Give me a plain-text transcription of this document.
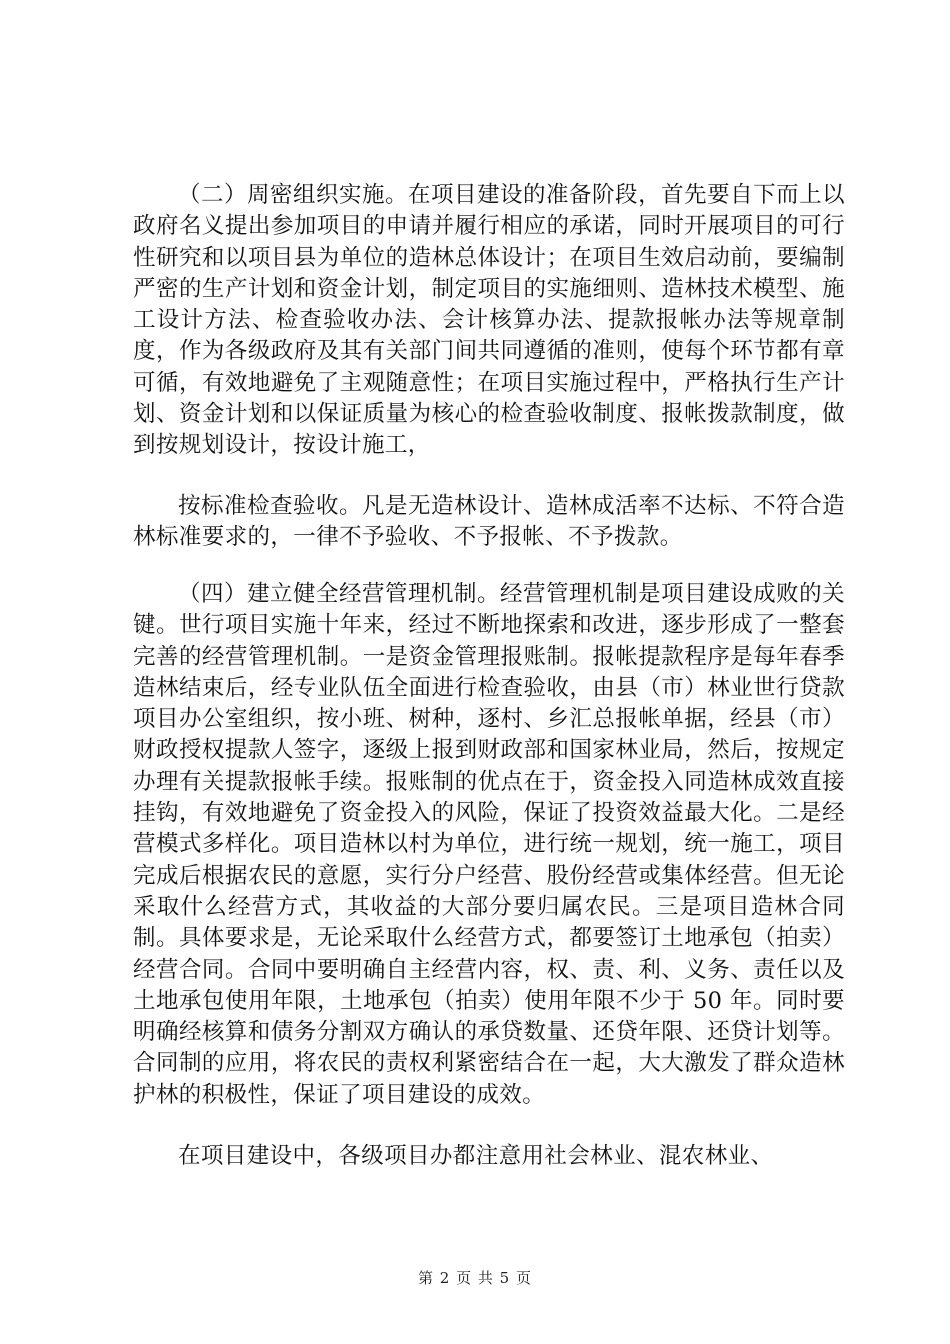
（二）周密组织实施。在项目建设的准备阶段，首先要自下而上以政府名义提出参加项目的申请并履行相应的承诺，同时开展项目的可行性研究和以项目县为单位的造林总体设计；在项目生效启动前，要编制严密的生产计划和资金计划，制定项目的实施细则、造林技术模型、施工设计方法、检查验收办法、会计核算办法、提款报帐办法等规章制度，作为各级政府及其有关部门间共同遵循的准则，使每个环节都有章可循，有效地避免了主观随意性；在项目实施过程中，严格执行生产计划、资金计划和以保证质量为核心的检查验收制度、报帐拨款制度，做到按规划设计，按设计施工，

按标准检查验收。凡是无造林设计、造林成活率不达标、不符合造林标准要求的，一律不予验收、不予报帐、不予拨款。

（四）建立健全经营管理机制。经营管理机制是项目建设成败的关键。世行项目实施十年来，经过不断地探索和改进，逐步形成了一整套完善的经营管理机制。一是资金管理报账制。报帐提款程序是每年春季造林结束后，经专业队伍全面进行检查验收，由县（市）林业世行贷款项目办公室组织，按小班、树种，逐村、乡汇总报帐单据，经县（市）财政授权提款人签字，逐级上报到财政部和国家林业局，然后，按规定办理有关提款报帐手续。报账制的优点在于，资金投入同造林成效直接挂钩，有效地避免了资金投入的风险，保证了投资效益最大化。二是经营模式多样化。项目造林以村为单位，进行统一规划，统一施工，项目完成后根据农民的意愿，实行分户经营、股份经营或集体经营。但无论采取什么经营方式，其收益的大部分要归属农民。三是项目造林合同制。具体要求是，无论采取什么经营方式，都要签订土地承包（拍卖）经营合同。合同中要明确自主经营内容，权、责、利、义务、责任以及土地承包使用年限，土地承包（拍卖）使用年限不少于 50 年。同时要明确经核算和债务分割双方确认的承贷数量、还贷年限、还贷计划等。合同制的应用，将农民的责权利紧密结合在一起，大大激发了群众造林护林的积极性，保证了项目建设的成效。

在项目建设中，各级项目办都注意用社会林业、混农林业、

第 2 页 共 5 页
